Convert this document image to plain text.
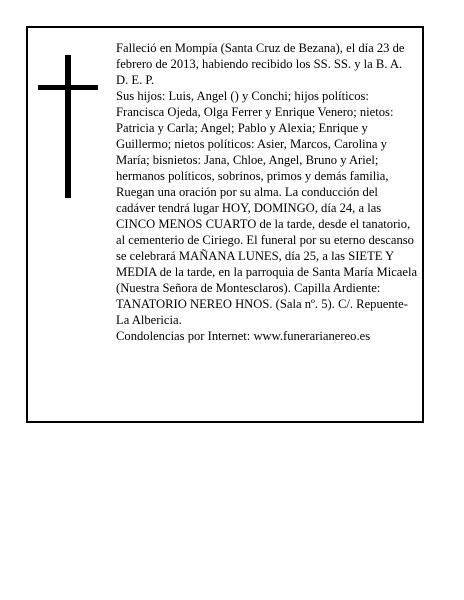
Falleció en Mompía (Santa Cruz de Bezana), el día 23 de febrero de 2013, habiendo recibido los SS. SS. y la B. A.

D. E. P.

Sus hijos: Luis, Angel () y Conchi; hijos políticos: Francisca Ojeda, Olga Ferrer y Enrique Venero; nietos: Patricia y Carla; Angel; Pablo y Alexia; Enrique y Guillermo; nietos políticos: Asier, Marcos, Carolina y María; bisnietos: Jana, Chloe, Angel, Bruno y Ariel; hermanos políticos, sobrinos, primos y demás familia,

Ruegan una oración por su alma. La conducción del cadáver tendrá lugar HOY, DOMINGO, día 24, a las CINCO MENOS CUARTO de la tarde, desde el tanatorio, al cementerio de Ciriego. El funeral por su eterno descanso se celebrará MAÑANA LUNES, día 25, a las SIETE Y MEDIA de la tarde, en la parroquia de Santa María Micaela (Nuestra Señora de Montesclaros). Capilla Ardiente: TANATORIO NEREO HNOS. (Sala nº. 5). C/. Repuente-La Albericia.

Condolencias por Internet: www.funerarianereo.es
